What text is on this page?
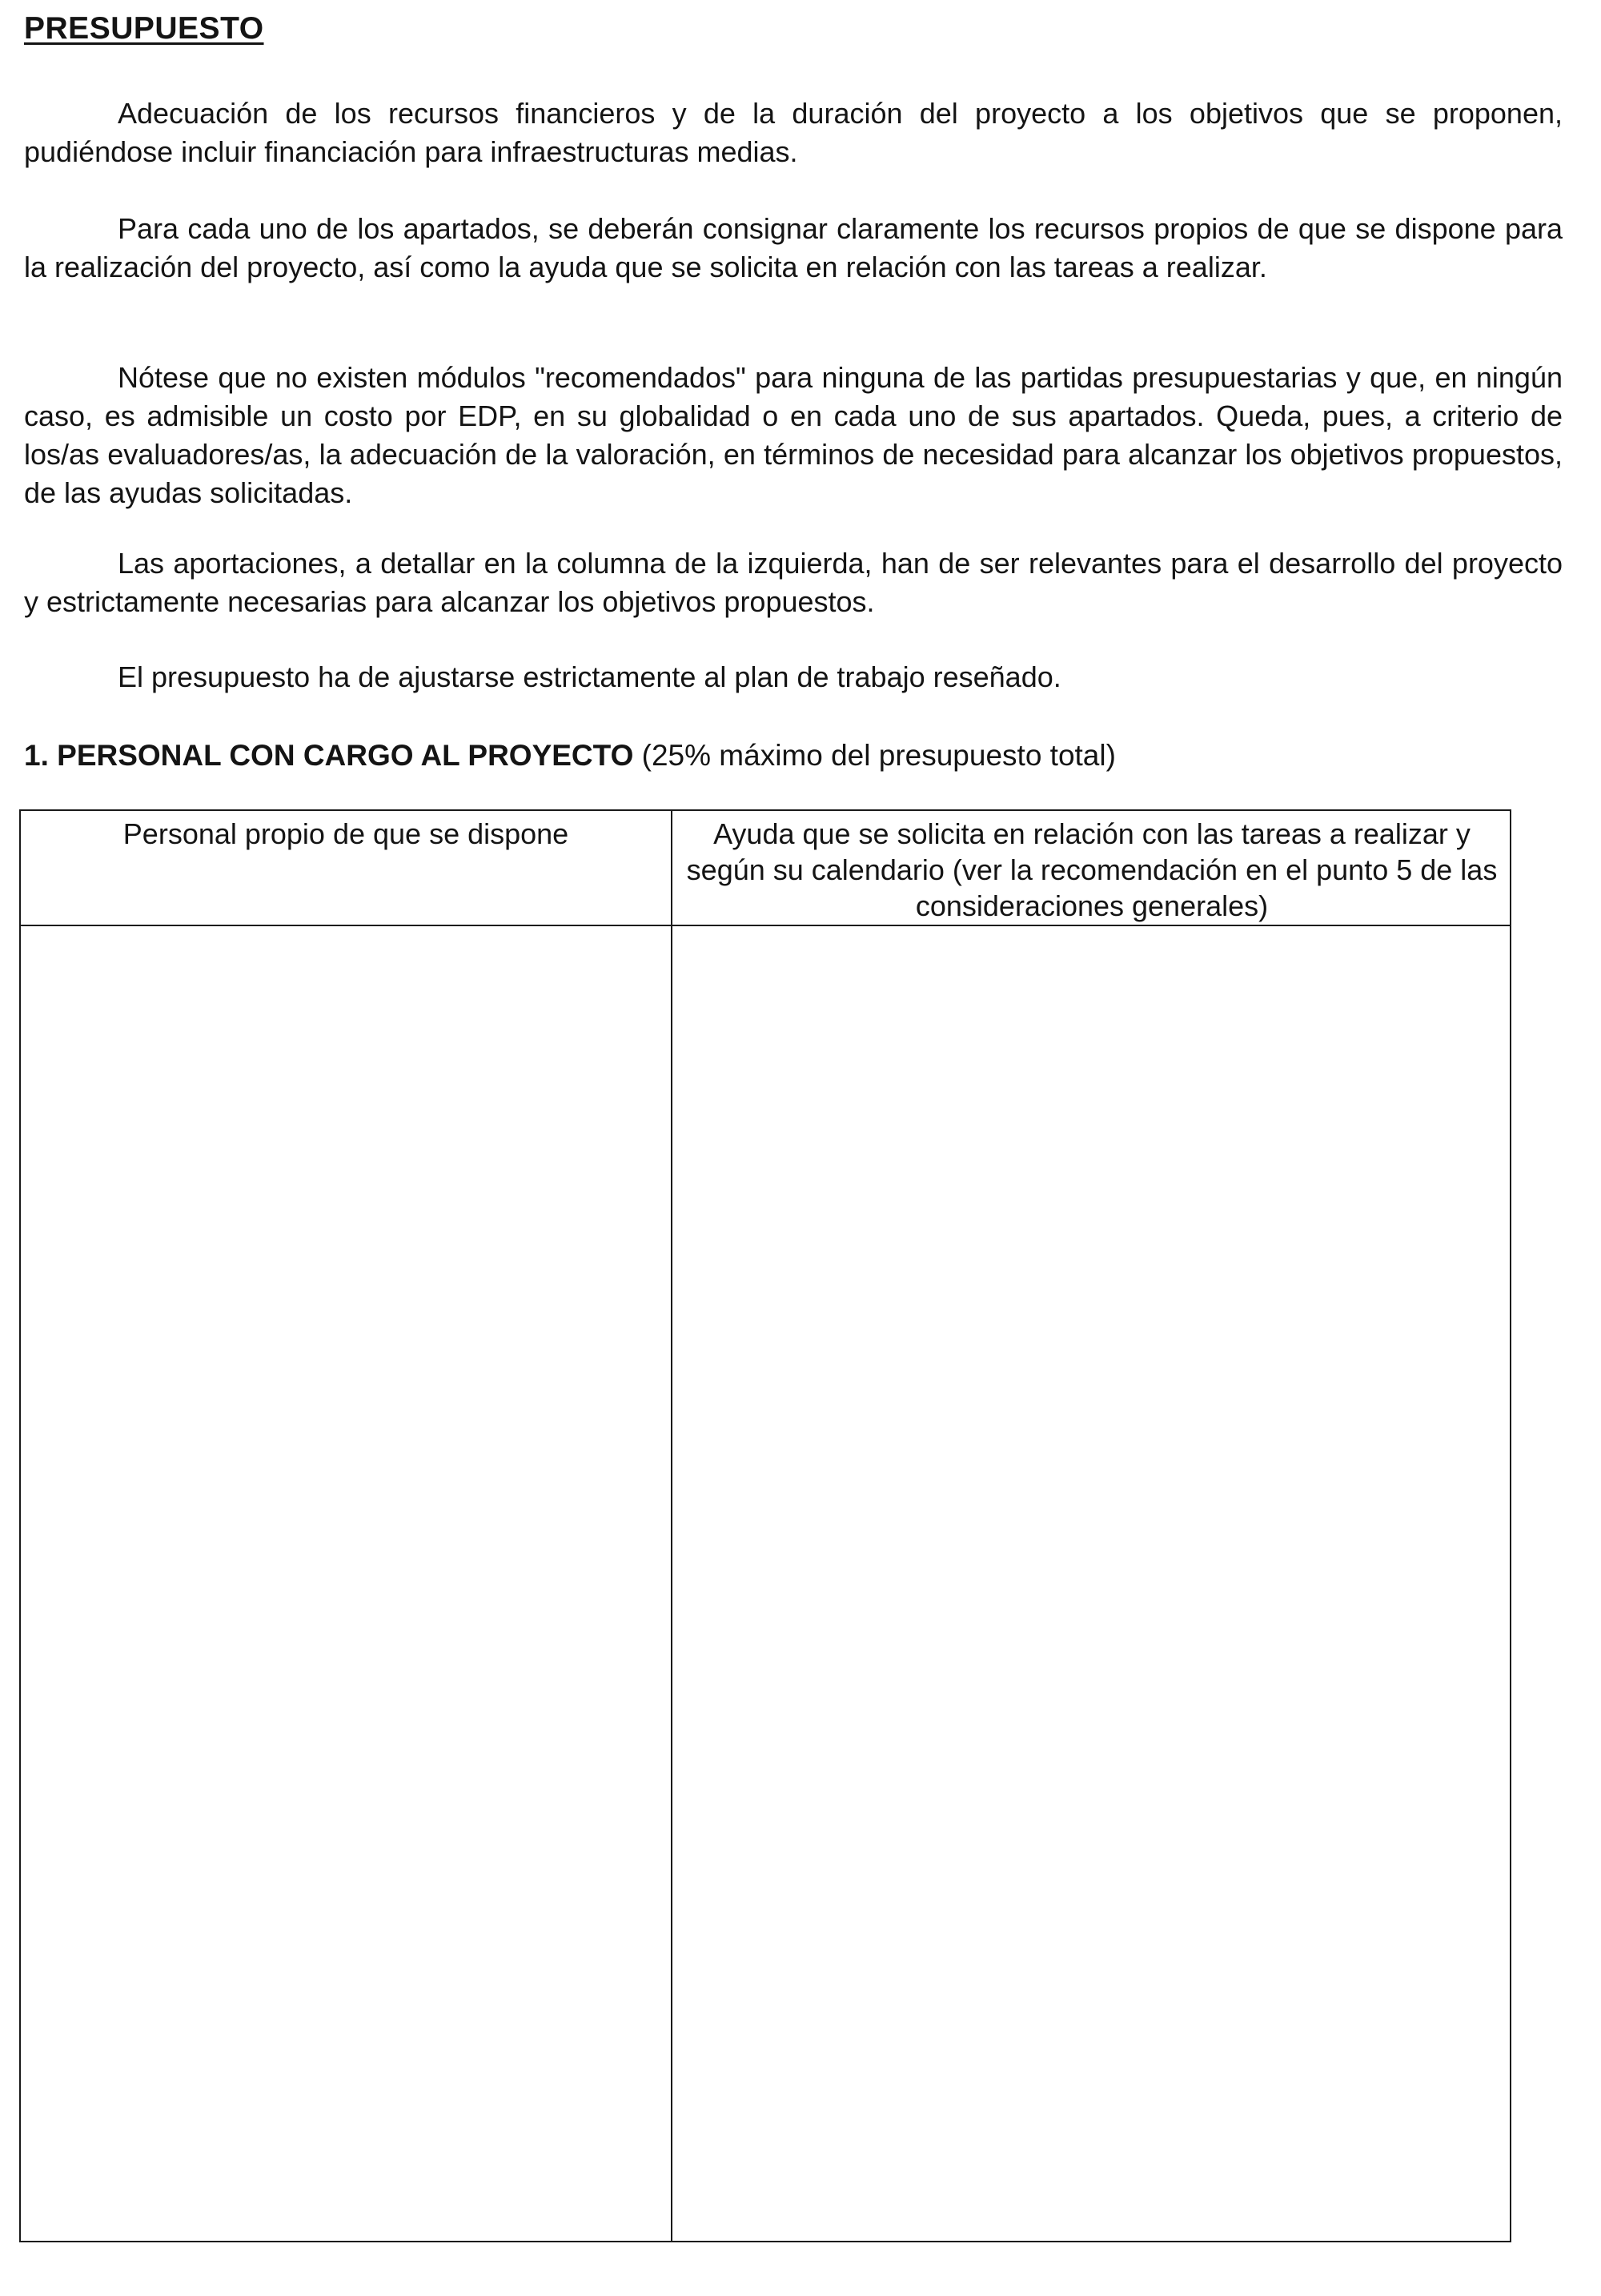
PRESUPUESTO

Adecuación de los recursos financieros y de la duración del proyecto a los objetivos que se proponen, pudiéndose incluir financiación para infraestructuras medias.

Para cada uno de los apartados, se deberán consignar claramente los recursos propios de que se dispone para la realización del proyecto, así como la ayuda que se solicita en relación con las tareas a realizar.

Nótese que no existen módulos "recomendados" para ninguna de las partidas presupuestarias y que, en ningún caso, es admisible un costo por EDP, en su globalidad o en cada uno de sus apartados. Queda, pues, a criterio de los/as evaluadores/as, la adecuación de la valoración, en términos de necesidad para alcanzar los objetivos propuestos, de las ayudas solicitadas.

Las aportaciones, a detallar en la columna de la izquierda, han de ser relevantes para el desarrollo del proyecto y estrictamente necesarias para alcanzar los objetivos propuestos.

El presupuesto ha de ajustarse estrictamente al plan de trabajo reseñado.

1. PERSONAL CON CARGO AL PROYECTO (25% máximo del presupuesto total)
Personal propio de que se dispone	Ayuda que se solicita en relación con las tareas a realizar y según su calendario (ver la recomendación en el punto 5 de las consideraciones generales)
